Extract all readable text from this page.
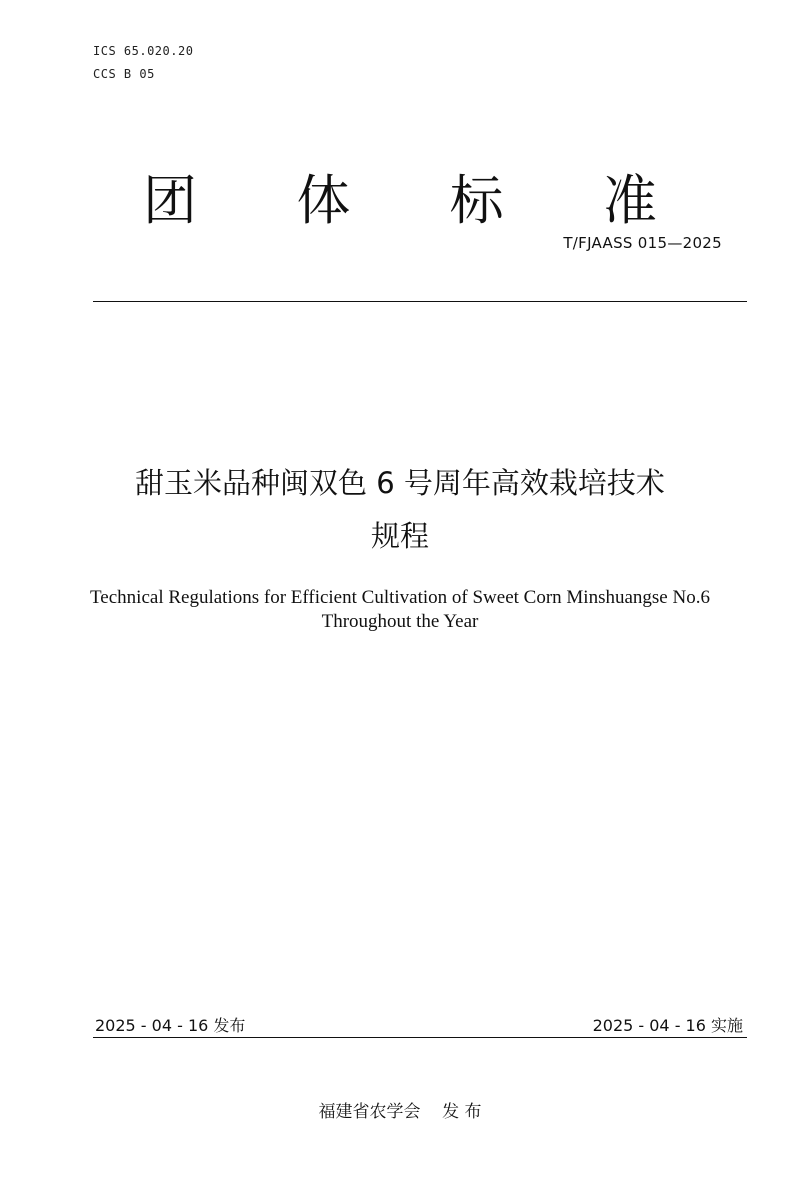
ICS 65.020.20
CCS B 05
团 体 标 准
T/FJAASS 015—2025
甜玉米品种闽双色 6 号周年高效栽培技术
规程
Technical Regulations for Efficient Cultivation of Sweet Corn Minshuangse No.6
Throughout the Year
2025 - 04 - 16 发布	2025 - 04 - 16 实施
福建省农学会    发 布
